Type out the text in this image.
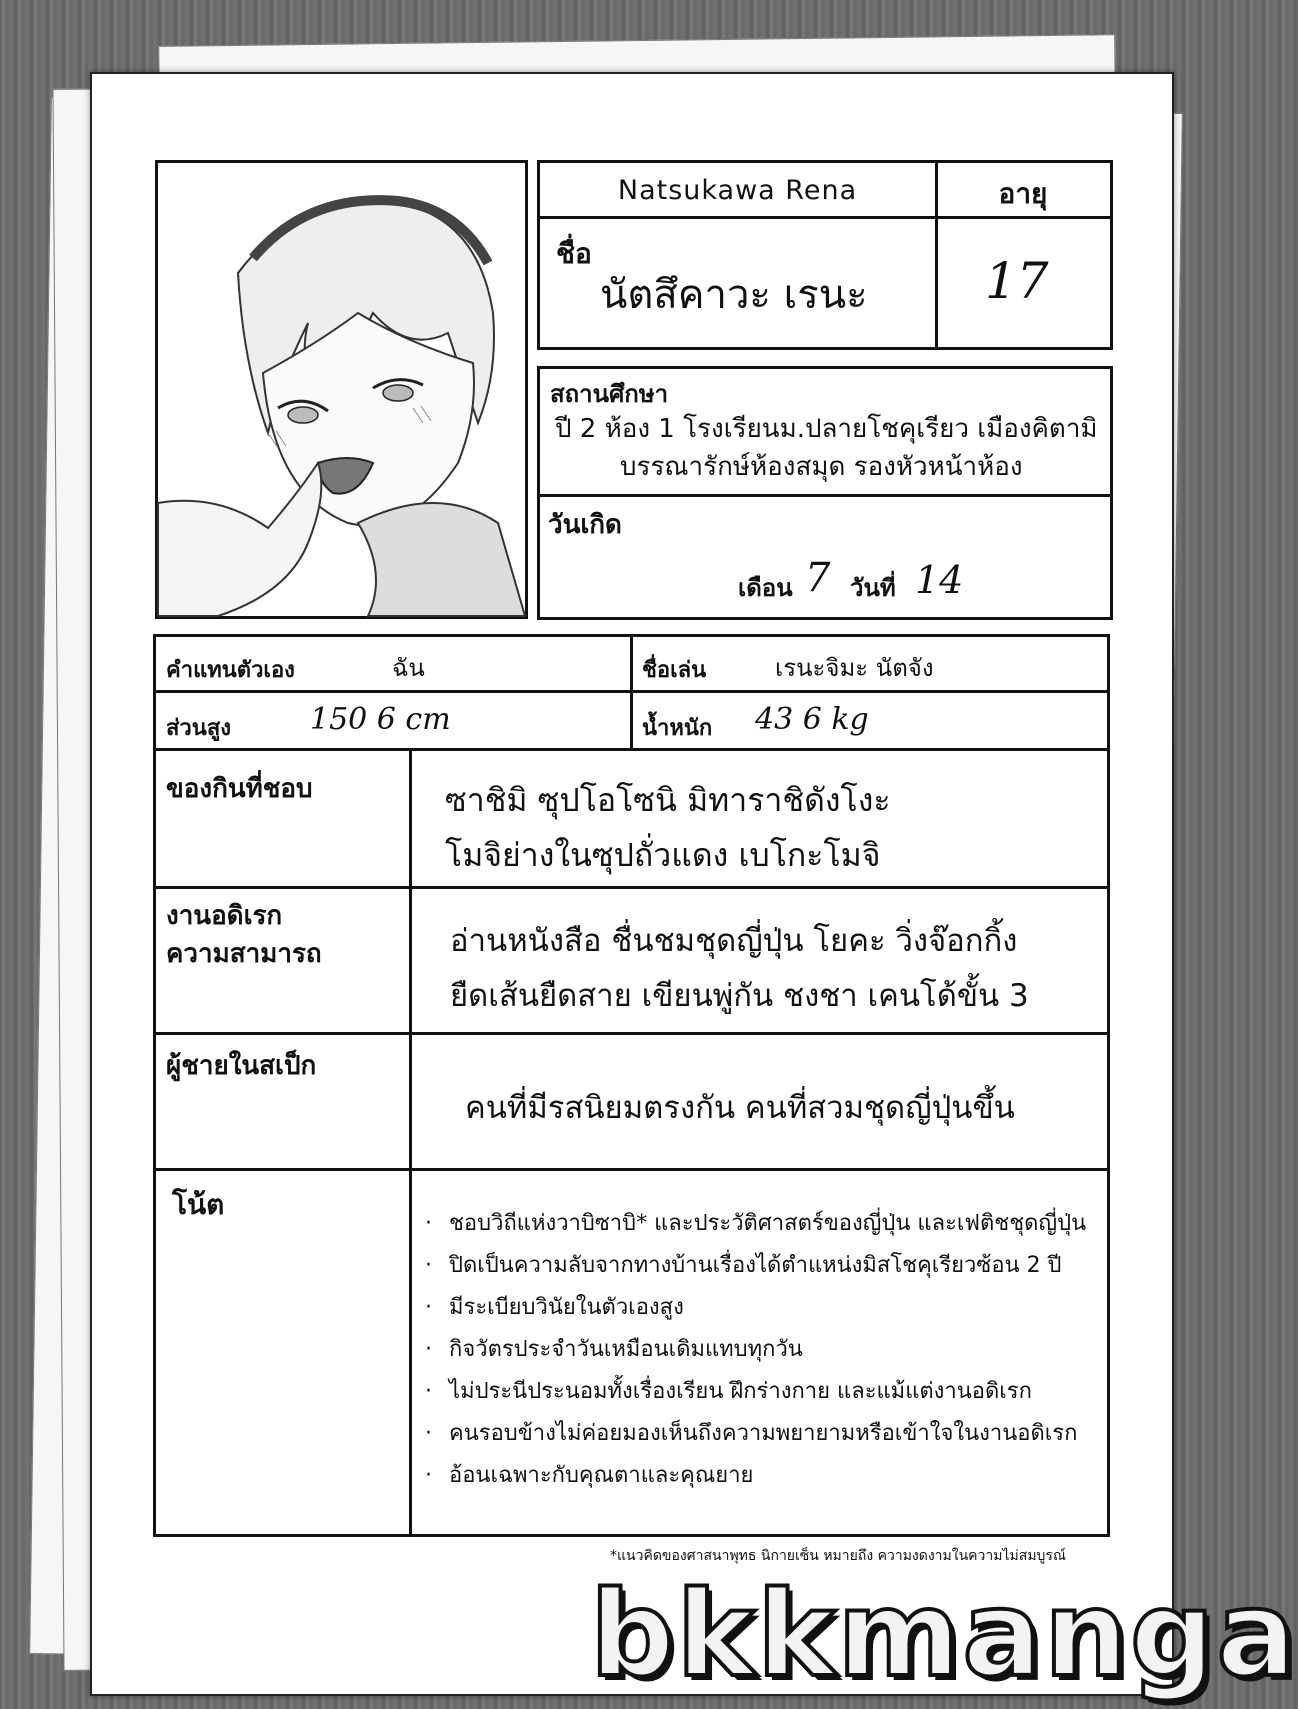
Natsukawa Rena	อายุ
ชื่อ
นัตสึคาวะ เรนะ 17
สถานศึกษา
ปี 2 ห้อง 1 โรงเรียนม.ปลายโชคุเรียว เมืองคิตามิ
บรรณารักษ์ห้องสมุด รองหัวหน้าห้อง
วันเกิด
เดือน 7 วันที่ 14
คำแทนตัวเอง	ฉัน	ชื่อเล่น	เรนะจิมะ นัตจัง
ส่วนสูง	150 6 cm	น้ำหนัก 43 6 kg
ของกินที่ชอบ	ซาชิมิ ซุปโอโซนิ มิทาราชิดังโงะ
โมจิย่างในซุปถั่วแดง เบโกะโมจิ
งานอดิเรก
ความสามารถ	อ่านหนังสือ ชื่นชมชุดญี่ปุ่น โยคะ วิ่งจ๊อกกิ้ง
ยืดเส้นยืดสาย เขียนพู่กัน ชงชา เคนโด้ขั้น 3
ผู้ชายในสเป็ก
คนที่มีรสนิยมตรงกัน คนที่สวมชุดญี่ปุ่นขึ้น
โน้ต
· ชอบวิถีแห่งวาบิซาบิ* และประวัติศาสตร์ของญี่ปุ่น และเฟติชชุดญี่ปุ่น
· ปิดเป็นความลับจากทางบ้านเรื่องได้ตำแหน่งมิสโชคุเรียวซ้อน 2 ปี
· มีระเบียบวินัยในตัวเองสูง
· กิจวัตรประจำวันเหมือนเดิมแทบทุกวัน
· ไม่ประนีประนอมทั้งเรื่องเรียน ฝึกร่างกาย และแม้แต่งานอดิเรก
· คนรอบข้างไม่ค่อยมองเห็นถึงความพยายามหรือเข้าใจในงานอดิเรก
· อ้อนเฉพาะกับคุณตาและคุณยาย
*แนวคิดของศาสนาพุทธ นิกายเซ็น หมายถึง ความงดงามในความไม่สมบูรณ์
bkkmanga
